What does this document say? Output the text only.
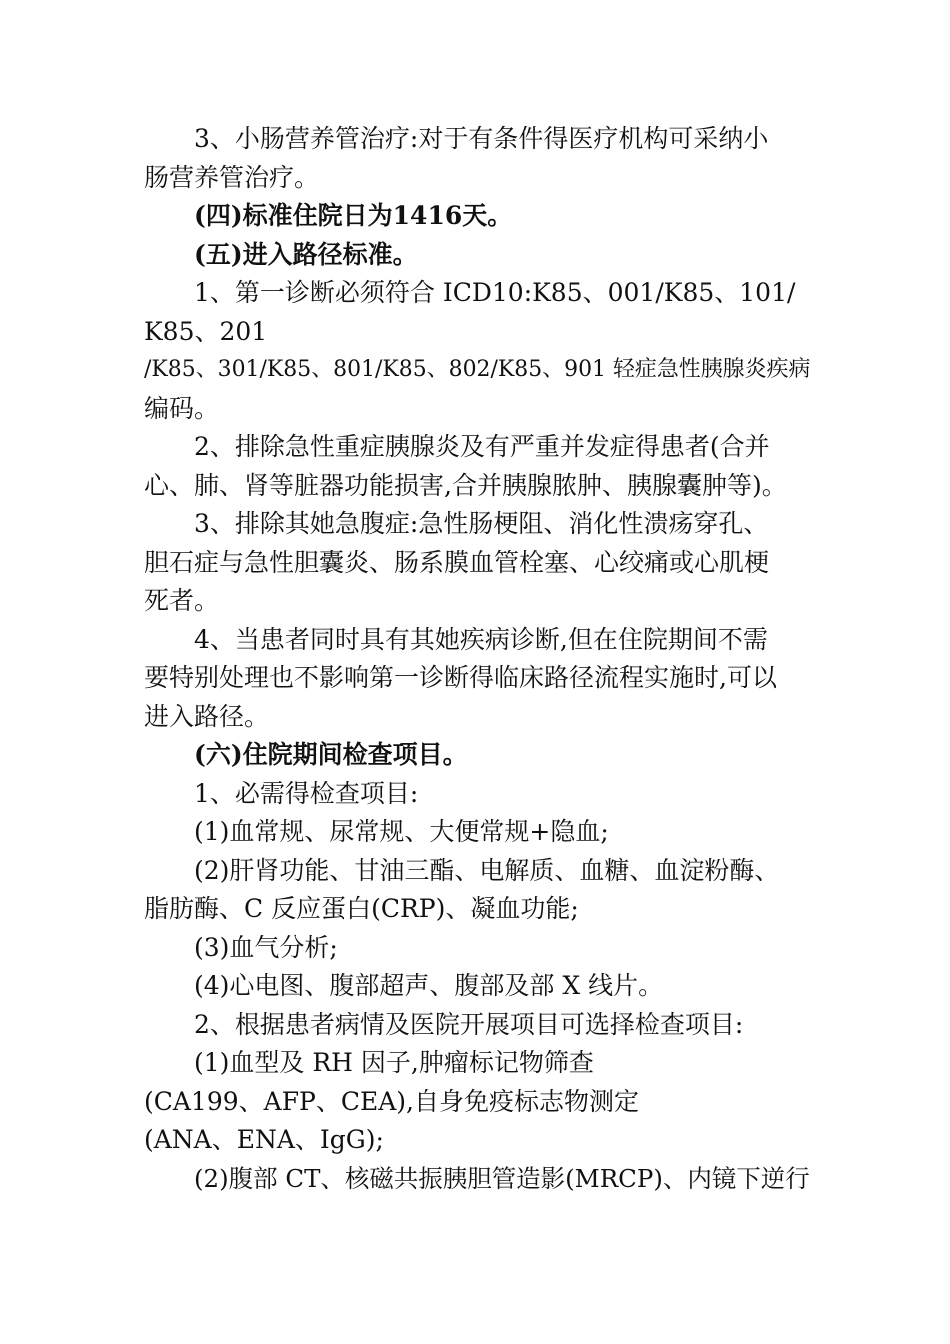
3、小肠营养管治疗:对于有条件得医疗机构可采纳小
肠营养管治疗。
(四)标准住院日为1416天。
(五)进入路径标准。
1、第一诊断必须符合 ICD10:K85、001/K85、101/
K85、201
/K85、301/K85、801/K85、802/K85、901 轻症急性胰腺炎疾病
编码。
2、排除急性重症胰腺炎及有严重并发症得患者(合并
心、肺、肾等脏器功能损害,合并胰腺脓肿、胰腺囊肿等)。
3、排除其她急腹症:急性肠梗阻、消化性溃疡穿孔、
胆石症与急性胆囊炎、肠系膜血管栓塞、心绞痛或心肌梗
死者。
4、当患者同时具有其她疾病诊断,但在住院期间不需
要特别处理也不影响第一诊断得临床路径流程实施时,可以
进入路径。
(六)住院期间检查项目。
1、必需得检查项目:
(1)血常规、尿常规、大便常规+隐血;
(2)肝肾功能、甘油三酯、电解质、血糖、血淀粉酶、
脂肪酶、C 反应蛋白(CRP)、凝血功能;
(3)血气分析;
(4)心电图、腹部超声、腹部及部 X 线片。
2、根据患者病情及医院开展项目可选择检查项目:
(1)血型及 RH 因子,肿瘤标记物筛查
(CA199、AFP、CEA),自身免疫标志物测定
(ANA、ENA、IgG);
(2)腹部 CT、核磁共振胰胆管造影(MRCP)、内镜下逆行
